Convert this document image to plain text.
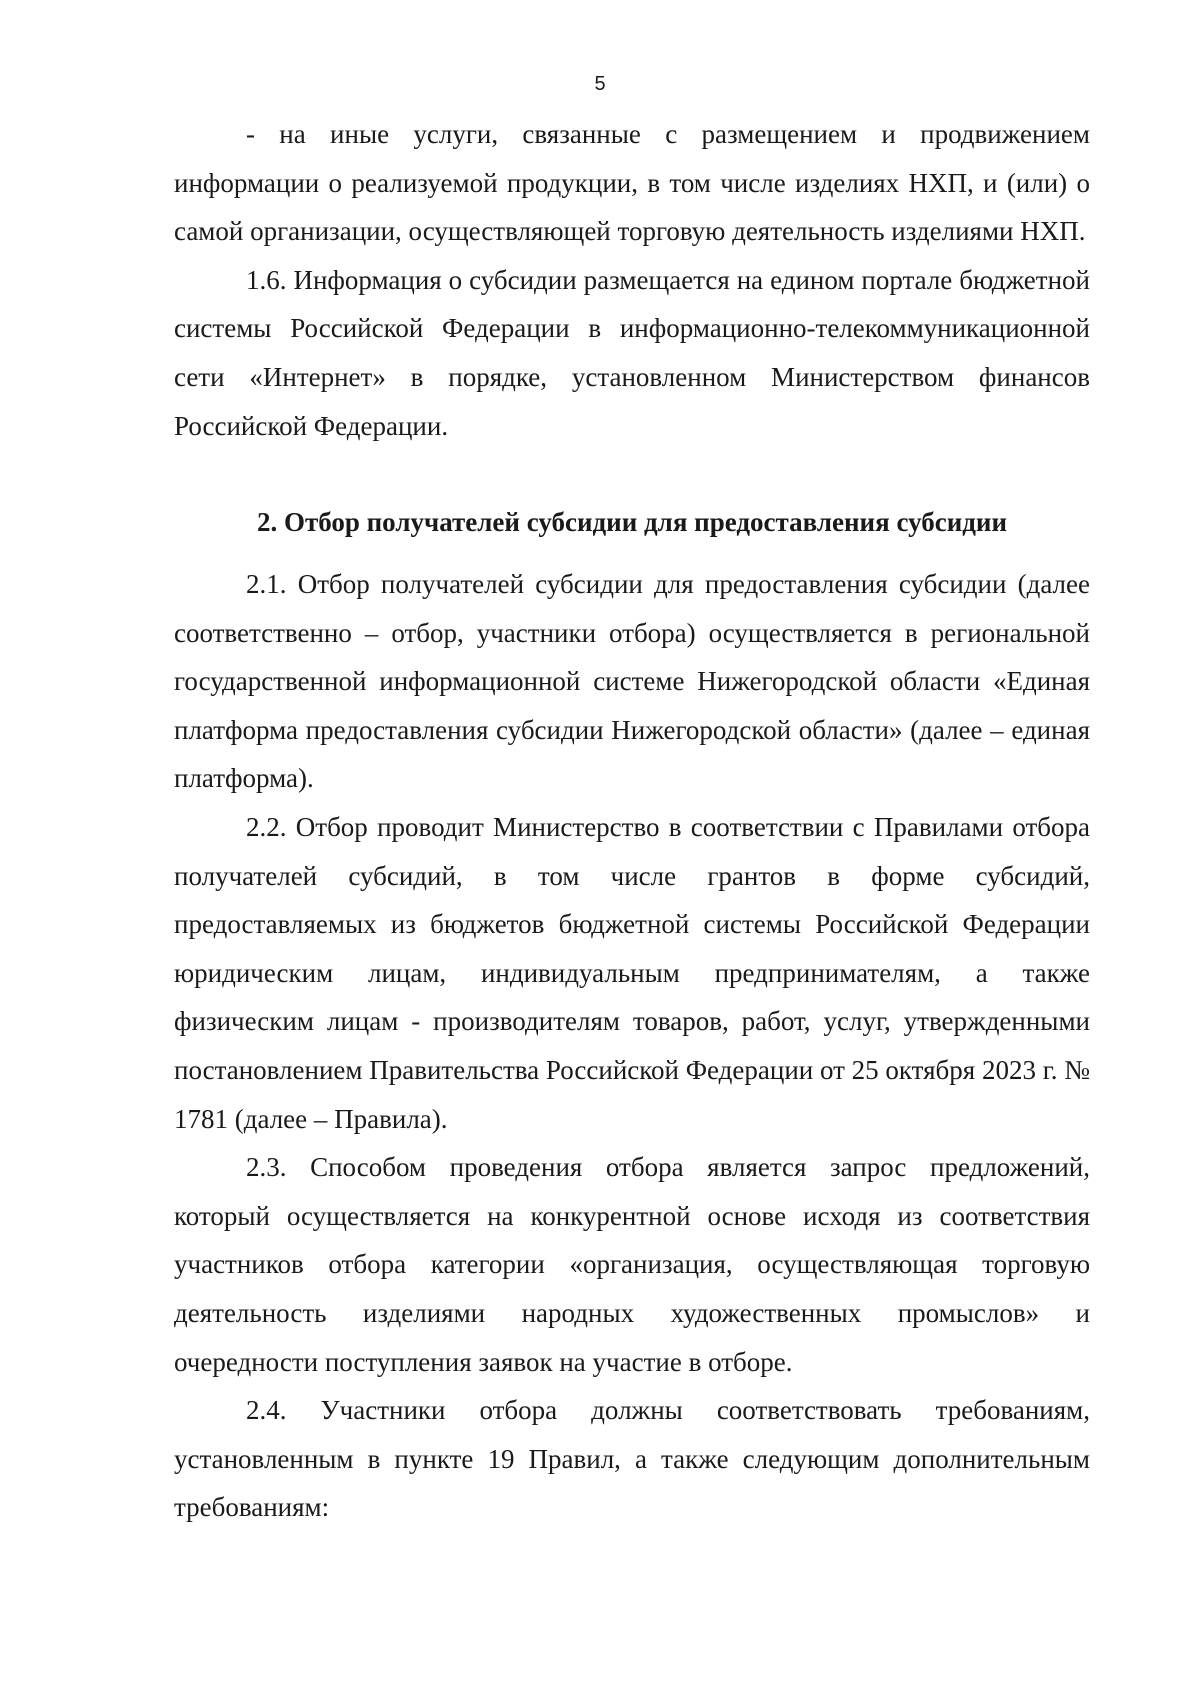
5

- на иные услуги, связанные с размещением и продвижением информации о реализуемой продукции, в том числе изделиях НХП, и (или) о самой организации, осуществляющей торговую деятельность изделиями НХП.

1.6. Информация о субсидии размещается на едином портале бюджетной системы Российской Федерации в информационно-телекоммуникационной сети «Интернет» в порядке, установленном Министерством финансов Российской Федерации.

2. Отбор получателей субсидии для предоставления субсидии

2.1. Отбор получателей субсидии для предоставления субсидии (далее соответственно – отбор, участники отбора) осуществляется в региональной государственной информационной системе Нижегородской области «Единая платформа предоставления субсидии Нижегородской области» (далее – единая платформа).

2.2. Отбор проводит Министерство в соответствии с Правилами отбора получателей субсидий, в том числе грантов в форме субсидий, предоставляемых из бюджетов бюджетной системы Российской Федерации юридическим лицам, индивидуальным предпринимателям, а также физическим лицам - производителям товаров, работ, услуг, утвержденными постановлением Правительства Российской Федерации от 25 октября 2023 г. № 1781 (далее – Правила).

2.3. Способом проведения отбора является запрос предложений, который осуществляется на конкурентной основе исходя из соответствия участников отбора категории «организация, осуществляющая торговую деятельность изделиями народных художественных промыслов» и очередности поступления заявок на участие в отборе.

2.4. Участники отбора должны соответствовать требованиям, установленным в пункте 19 Правил, а также следующим дополнительным требованиям:
